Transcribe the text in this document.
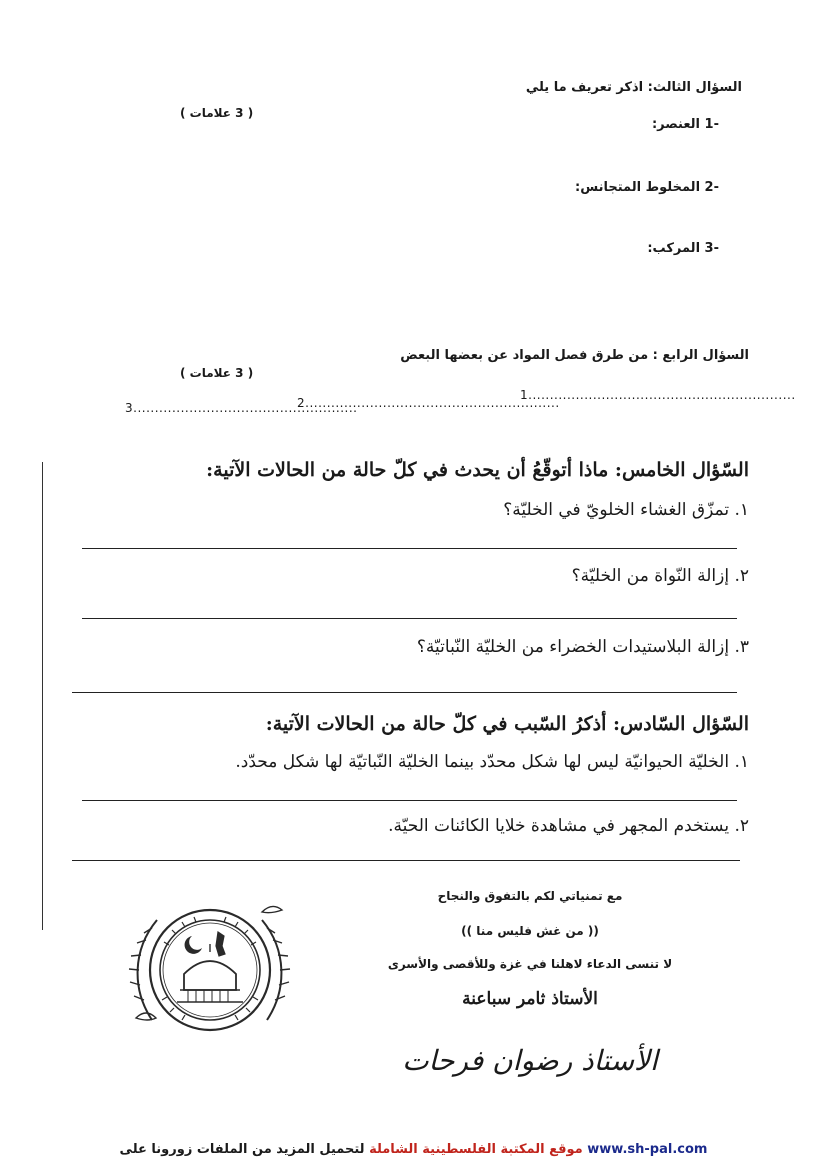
السؤال الثالث: اذكر تعريف ما يلي
( 3 علامات )
-1 العنصر:
-2 المخلوط المتجانس:
-3 المركب:
السؤال الرابع : من طرق فصل المواد عن بعضها البعض
( 3 علامات )
1..............................................................
2...........................................................
3....................................................
السّؤال الخامس: ماذا أتوقّعُ أن يحدث في كلّ حالة من الحالات الآتية:
١. تمزّق الغشاء الخلويّ في الخليّة؟
٢. إزالة النّواة من الخليّة؟
٣. إزالة البلاستيدات الخضراء من الخليّة النّباتيّة؟
السّؤال السّادس: أذكرُ السّبب في كلّ حالة من الحالات الآتية:
١. الخليّة الحيوانيّة ليس لها شكل محدّد بينما الخليّة النّباتيّة لها شكل محدّد.
٢. يستخدم المجهر في مشاهدة خلايا الكائنات الحيّة.
مع تمنياتي لكم بالتفوق والنجاح
(( من غش فليس منا ))
لا تنسى الدعاء لاهلنا في غزة وللأقصى والأسرى
الأستاذ ثامر سباعنة
الأستاذ رضوان فرحات
لتحميل المزيد من الملفات زورونا على موقع المكتبة الفلسطينية الشاملة www.sh-pal.com
